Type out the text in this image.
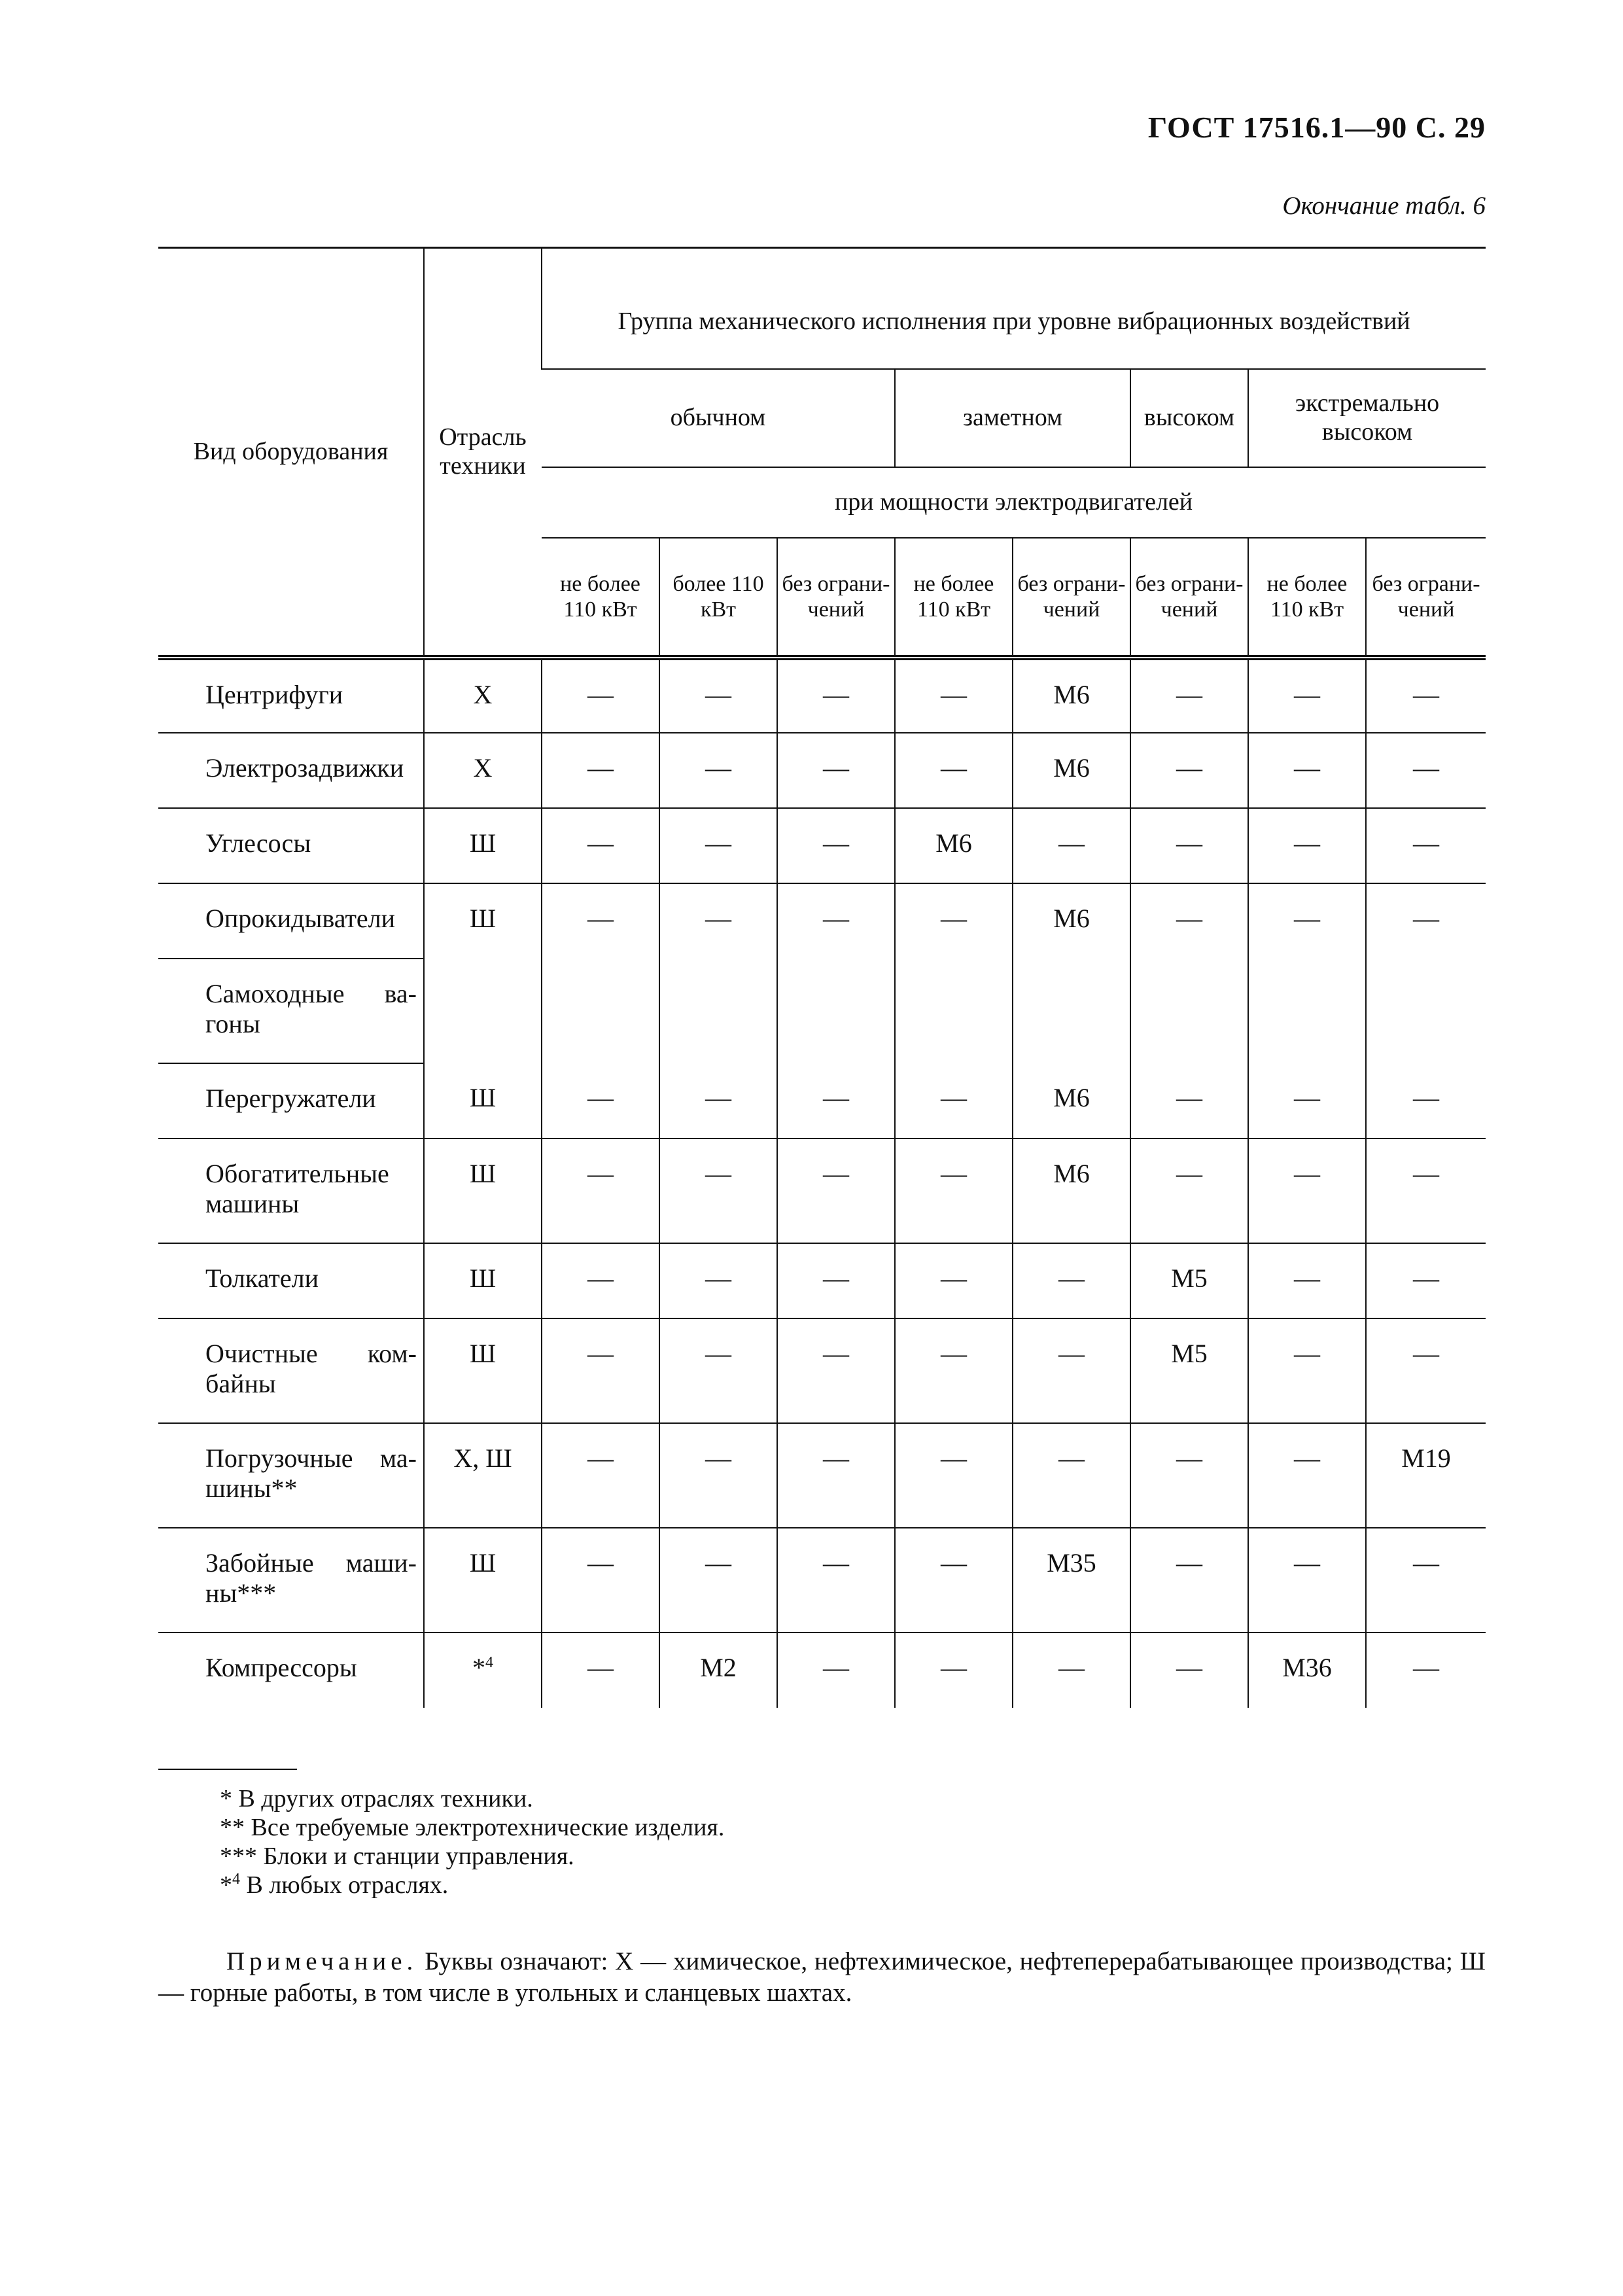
ГОСТ 17516.1—90 С. 29
Окончание табл. 6
Вид оборудования	Отрасль техники	Группа механического исполнения при уровне вибрационных воздействий							
		обычном			заметном		высоком	экстремально высоком	
		при мощности электродвигателей							
		не более 110 кВт	более 110 кВт	без ограни-чений	не более 110 кВт	без ограни-чений	без ограни-чений	не более 110 кВт	без ограни-чений
Центрифуги	Х	—	—	—	—	М6	—	—	—
Электрозадвижки	Х	—	—	—	—	М6	—	—	—
Углесосы	Ш	—	—	—	М6	—	—	—	—
Опрокидыватели	Ш	—	—	—	—	М6	—	—	—
Самоходные ва-гоны									
Перегружатели	Ш	—	—	—	—	М6	—	—	—
Обогатительные машины	Ш	—	—	—	—	М6	—	—	—
Толкатели	Ш	—	—	—	—	—	М5	—	—
Очистные ком-байны	Ш	—	—	—	—	—	М5	—	—
Погрузочные ма-шины**	Х, Ш	—	—	—	—	—	—	—	М19
Забойные маши-ны***	Ш	—	—	—	—	М35	—	—	—
Компрессоры	*$^4$	—	М2	—	—	—	—	М36	—
* В других отраслях техники.
** Все требуемые электротехнические изделия.
*** Блоки и станции управления.
*$^4$ В любых отраслях.
Примечание. Буквы означают: Х — химическое, нефтехимическое, нефтеперерабатывающее производства; Ш — горные работы, в том числе в угольных и сланцевых шахтах.
